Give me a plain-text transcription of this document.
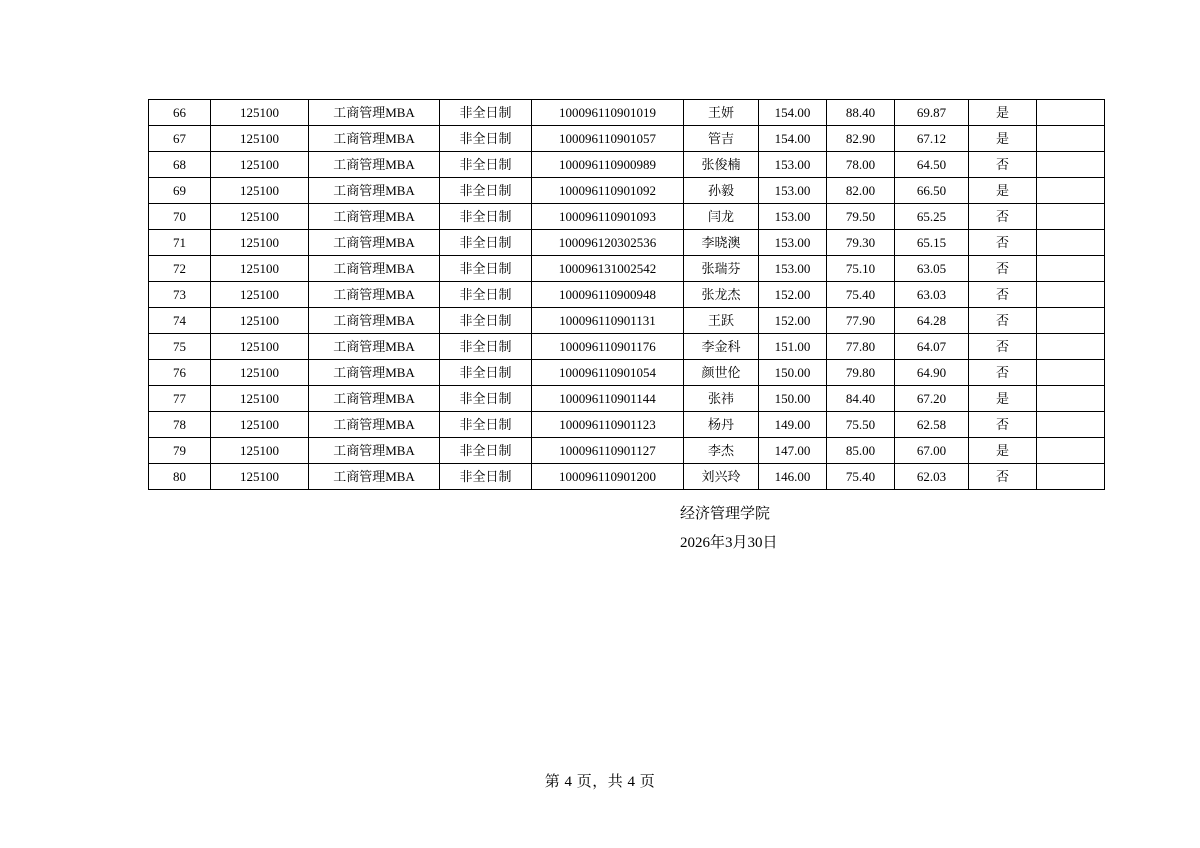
66	125100	工商管理MBA	非全日制	100096110901019	王妍	154.00	88.40	69.87	是	
67	125100	工商管理MBA	非全日制	100096110901057	管吉	154.00	82.90	67.12	是	
68	125100	工商管理MBA	非全日制	100096110900989	张俊楠	153.00	78.00	64.50	否	
69	125100	工商管理MBA	非全日制	100096110901092	孙毅	153.00	82.00	66.50	是	
70	125100	工商管理MBA	非全日制	100096110901093	闫龙	153.00	79.50	65.25	否	
71	125100	工商管理MBA	非全日制	100096120302536	李晓澳	153.00	79.30	65.15	否	
72	125100	工商管理MBA	非全日制	100096131002542	张瑞芬	153.00	75.10	63.05	否	
73	125100	工商管理MBA	非全日制	100096110900948	张龙杰	152.00	75.40	63.03	否	
74	125100	工商管理MBA	非全日制	100096110901131	王跃	152.00	77.90	64.28	否	
75	125100	工商管理MBA	非全日制	100096110901176	李金科	151.00	77.80	64.07	否	
76	125100	工商管理MBA	非全日制	100096110901054	颜世伦	150.00	79.80	64.90	否	
77	125100	工商管理MBA	非全日制	100096110901144	张祎	150.00	84.40	67.20	是	
78	125100	工商管理MBA	非全日制	100096110901123	杨丹	149.00	75.50	62.58	否	
79	125100	工商管理MBA	非全日制	100096110901127	李杰	147.00	85.00	67.00	是	
80	125100	工商管理MBA	非全日制	100096110901200	刘兴玲	146.00	75.40	62.03	否	
经济管理学院
2026年3月30日
第 4 页，共 4 页
